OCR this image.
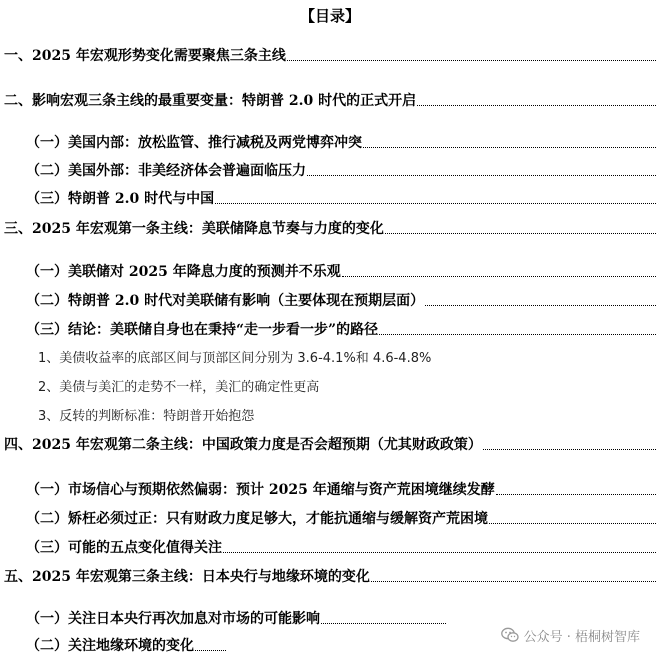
【目录】
一、2025 年宏观形势变化需要聚焦三条主线
二、影响宏观三条主线的最重要变量：特朗普 2.0 时代的正式开启
（一）美国内部：放松监管、推行减税及两党博弈冲突
（二）美国外部：非美经济体会普遍面临压力
（三）特朗普 2.0 时代与中国
三、2025 年宏观第一条主线：美联储降息节奏与力度的变化
（一）美联储对 2025 年降息力度的预测并不乐观
（二）特朗普 2.0 时代对美联储有影响（主要体现在预期层面）
（三）结论：美联储自身也在秉持“走一步看一步”的路径
1、美债收益率的底部区间与顶部区间分别为 3.6-4.1%和 4.6-4.8%
2、美债与美汇的走势不一样，美汇的确定性更高
3、反转的判断标准：特朗普开始抱怨
四、2025 年宏观第二条主线：中国政策力度是否会超预期（尤其财政政策）
（一）市场信心与预期依然偏弱：预计 2025 年通缩与资产荒困境继续发酵
（二）矫枉必须过正：只有财政力度足够大，才能抗通缩与缓解资产荒困境
（三）可能的五点变化值得关注
五、2025 年宏观第三条主线：日本央行与地缘环境的变化
（一）关注日本央行再次加息对市场的可能影响
（二）关注地缘环境的变化
公众号 · 梧桐树智库
